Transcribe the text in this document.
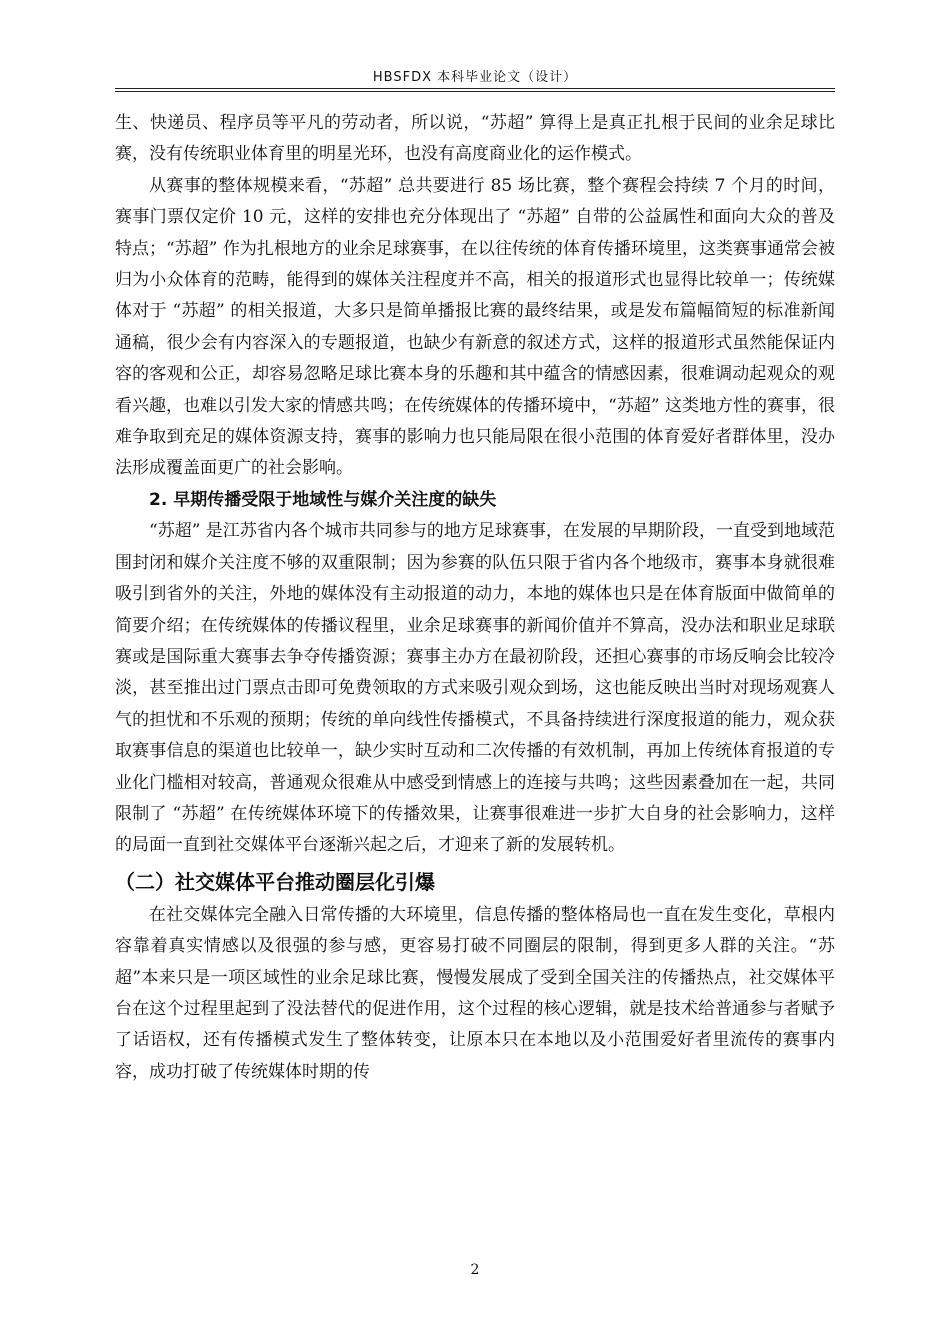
HBSFDX 本科毕业论文（设计）

生、快递员、程序员等平凡的劳动者，所以说，“苏超” 算得上是真正扎根于民间的业余足球比赛，没有传统职业体育里的明星光环，也没有高度商业化的运作模式。

从赛事的整体规模来看，“苏超” 总共要进行 85 场比赛，整个赛程会持续 7 个月的时间，赛事门票仅定价 10 元，这样的安排也充分体现出了 “苏超” 自带的公益属性和面向大众的普及特点；“苏超” 作为扎根地方的业余足球赛事，在以往传统的体育传播环境里，这类赛事通常会被归为小众体育的范畴，能得到的媒体关注程度并不高，相关的报道形式也显得比较单一；传统媒体对于 “苏超” 的相关报道，大多只是简单播报比赛的最终结果，或是发布篇幅简短的标准新闻通稿，很少会有内容深入的专题报道，也缺少有新意的叙述方式，这样的报道形式虽然能保证内容的客观和公正，却容易忽略足球比赛本身的乐趣和其中蕴含的情感因素，很难调动起观众的观看兴趣，也难以引发大家的情感共鸣；在传统媒体的传播环境中，“苏超” 这类地方性的赛事，很难争取到充足的媒体资源支持，赛事的影响力也只能局限在很小范围的体育爱好者群体里，没办法形成覆盖面更广的社会影响。

2. 早期传播受限于地域性与媒介关注度的缺失

“苏超” 是江苏省内各个城市共同参与的地方足球赛事，在发展的早期阶段，一直受到地域范围封闭和媒介关注度不够的双重限制；因为参赛的队伍只限于省内各个地级市，赛事本身就很难吸引到省外的关注，外地的媒体没有主动报道的动力，本地的媒体也只是在体育版面中做简单的简要介绍；在传统媒体的传播议程里，业余足球赛事的新闻价值并不算高，没办法和职业足球联赛或是国际重大赛事去争夺传播资源；赛事主办方在最初阶段，还担心赛事的市场反响会比较冷淡，甚至推出过门票点击即可免费领取的方式来吸引观众到场，这也能反映出当时对现场观赛人气的担忧和不乐观的预期；传统的单向线性传播模式，不具备持续进行深度报道的能力，观众获取赛事信息的渠道也比较单一，缺少实时互动和二次传播的有效机制，再加上传统体育报道的专业化门槛相对较高，普通观众很难从中感受到情感上的连接与共鸣；这些因素叠加在一起，共同限制了 “苏超” 在传统媒体环境下的传播效果，让赛事很难进一步扩大自身的社会影响力，这样的局面一直到社交媒体平台逐渐兴起之后，才迎来了新的发展转机。

（二）社交媒体平台推动圈层化引爆

在社交媒体完全融入日常传播的大环境里，信息传播的整体格局也一直在发生变化，草根内容靠着真实情感以及很强的参与感，更容易打破不同圈层的限制，得到更多人群的关注。“苏超”本来只是一项区域性的业余足球比赛，慢慢发展成了受到全国关注的传播热点，社交媒体平台在这个过程里起到了没法替代的促进作用，这个过程的核心逻辑，就是技术给普通参与者赋予了话语权，还有传播模式发生了整体转变，让原本只在本地以及小范围爱好者里流传的赛事内容，成功打破了传统媒体时期的传

2
